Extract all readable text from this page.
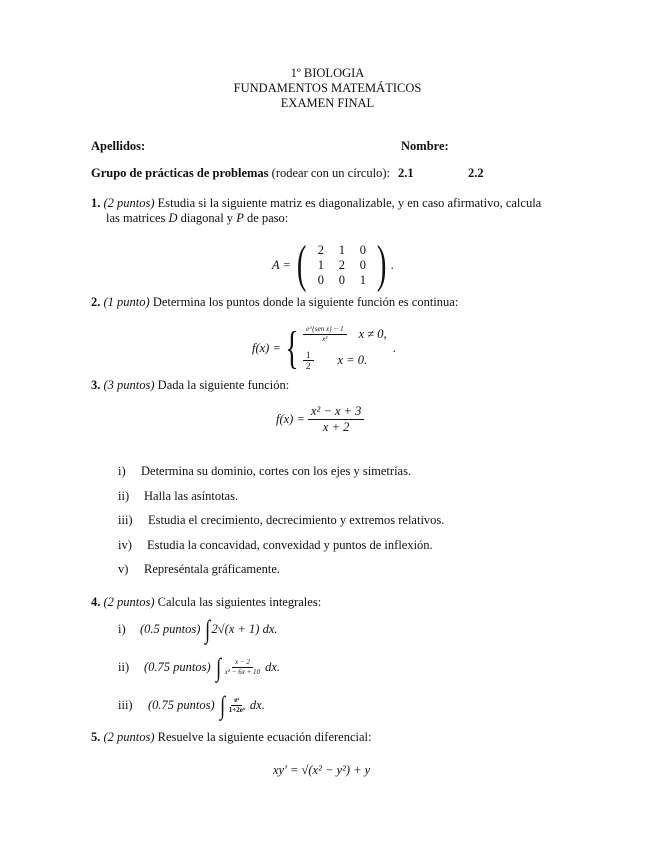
1º BIOLOGIA
FUNDAMENTOS MATEMÁTICOS
EXAMEN FINAL
Apellidos:	Nombre:
Grupo de prácticas de problemas (rodear con un círculo): 2.1	2.2
1. (2 puntos) Estudia si la siguiente matriz es diagonalizable, y en caso afirmativo, calcula
las matrices D diagonal y P de paso:
A = ( 2	1	0
1	2	0
0	0	1 ) .
2. (1 punto) Determina los puntos donde la siguiente función es continua:
f(x) = { $\frac{\text{e\textasciicircum{}\{sen x\} − 1}}{\text{x²}}$ x ≠ 0,
$\frac{1}{2}$ x = 0.
.
3. (3 puntos) Dada la siguiente función:
$f(x) = \frac{\text{x² − x + 3}}{x + 2}$
i) Determina su dominio, cortes con los ejes y simetrías.
ii) Halla las asíntotas.
iii) Estudia el crecimiento, decrecimiento y extremos relativos.
iv) Estudia la concavidad, convexidad y puntos de inflexión.
v) Represéntala gráficamente.
4. (2 puntos) Calcula las siguientes integrales:
i)	(0.5 puntos) ∫ 2√(x + 1) dx.
ii)	(0.75 puntos) ∫ $\frac{x - 2}{\text{x² − 6x + 10}}$ dx.
iii)	(0.75 puntos) ∫ $\frac{\text{eˣ}}{\text{1+2eˣ}}$ dx.
5. (2 puntos) Resuelve la siguiente ecuación diferencial:
xy′ = √(x² − y²) + y
